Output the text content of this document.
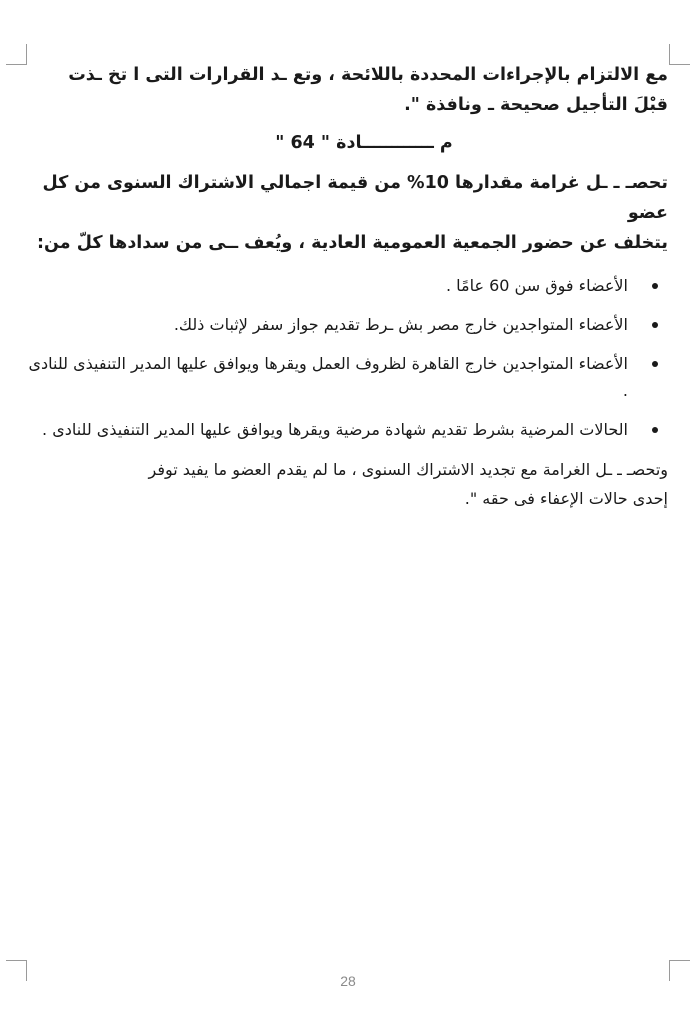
مع الالتزام بالإجراءات المحددة باللائحة ، وتع ـد القرارات التى ا تخ ـذت
قبْلَ التأجيل صحيحة ـ ونافذة ".

م ــــــــــــادة " 64 "

تحصـ ـ ـل غرامة مقدارها 10% من قيمة اجمالي الاشتراك السنوى من كل عضو
يتخلف عن حضور الجمعية العمومية العادية ، ويُعف ــى من سدادها كلّ من:

الأعضاء فوق سن 60 عامًا .
الأعضاء المتواجدين خارج مصر بش ـرط تقديم جواز سفر لإثبات ذلك.
الأعضاء المتواجدين خارج القاهرة لظروف العمل ويقرها ويوافق عليها المدير التنفيذى للنادى .
الحالات المرضية بشرط تقديم شهادة مرضية ويقرها ويوافق عليها المدير التنفيذى للنادى .

وتحصـ ـ ـل الغرامة مع تجديد الاشتراك السنوى ، ما لم يقدم العضو ما يفيد توفر
إحدى حالات الإعفاء فى حقه ".

28
